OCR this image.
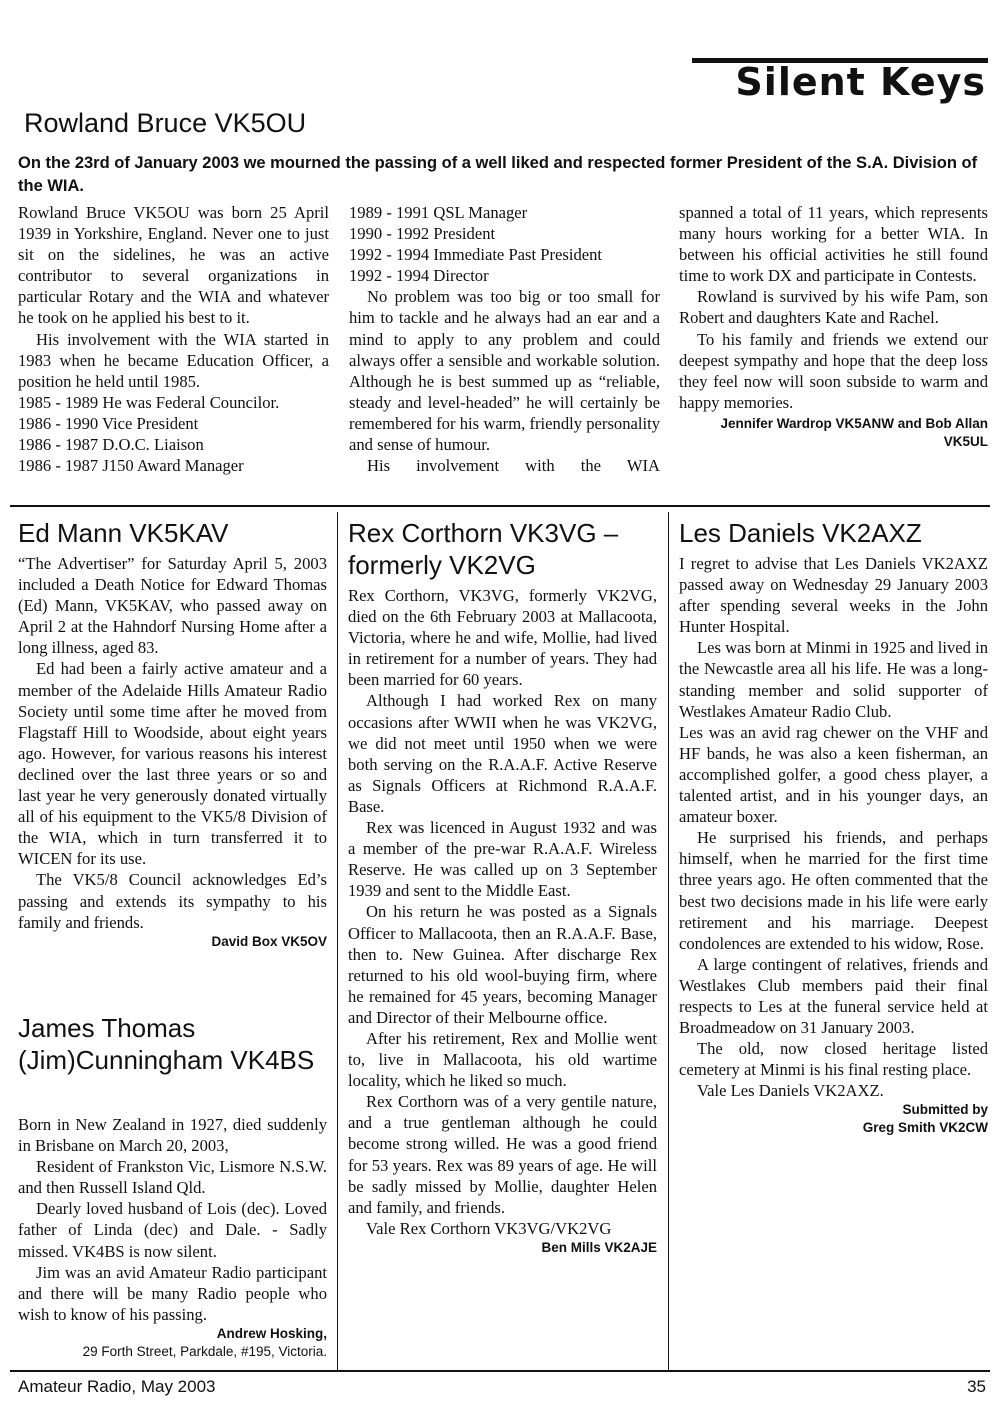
Silent Keys
Rowland Bruce VK5OU
On the 23rd of January 2003 we mourned the passing of a well liked and respected former President of the S.A. Division of the WIA.

Rowland Bruce VK5OU was born 25 April 1939 in Yorkshire, England. Never one to just sit on the sidelines, he was an active contributor to several organizations in particular Rotary and the WIA and whatever he took on he applied his best to it.

His involvement with the WIA started in 1983 when he became Education Officer, a position he held until 1985.

1985 - 1989 He was Federal Councilor.

1986 - 1990 Vice President

1986 - 1987 D.O.C. Liaison

1986 - 1987 J150 Award Manager

1989 - 1991 QSL Manager

1990 - 1992 President

1992 - 1994 Immediate Past President

1992 - 1994 Director

No problem was too big or too small for him to tackle and he always had an ear and a mind to apply to any problem and could always offer a sensible and workable solution. Although he is best summed up as “reliable, steady and level-headed” he will certainly be remembered for his warm, friendly personality and sense of humour.

His involvement with the WIA

spanned a total of 11 years, which represents many hours working for a better WIA. In between his official activities he still found time to work DX and participate in Contests.

Rowland is survived by his wife Pam, son Robert and daughters Kate and Rachel.

To his family and friends we extend our deepest sympathy and hope that the deep loss they feel now will soon subside to warm and happy memories.

Jennifer Wardrop VK5ANW and Bob Allan VK5UL
Ed Mann VK5KAV

“The Advertiser” for Saturday April 5, 2003 included a Death Notice for Edward Thomas (Ed) Mann, VK5KAV, who passed away on April 2 at the Hahndorf Nursing Home after a long illness, aged 83.

Ed had been a fairly active amateur and a member of the Adelaide Hills Amateur Radio Society until some time after he moved from Flagstaff Hill to Woodside, about eight years ago. However, for various reasons his interest declined over the last three years or so and last year he very generously donated virtually all of his equipment to the VK5/8 Division of the WIA, which in turn transferred it to WICEN for its use.

The VK5/8 Council acknowledges Ed’s passing and extends its sympathy to his family and friends.

David Box VK5OV
James Thomas (Jim)Cunningham VK4BS

Born in New Zealand in 1927, died suddenly in Brisbane on March 20, 2003,

Resident of Frankston Vic, Lismore N.S.W. and then Russell Island Qld.

Dearly loved husband of Lois (dec). Loved father of Linda (dec) and Dale. - Sadly missed. VK4BS is now silent.

Jim was an avid Amateur Radio participant and there will be many Radio people who wish to know of his passing.

Andrew Hosking,
29 Forth Street, Parkdale, #195, Victoria.
Rex Corthorn VK3VG – formerly VK2VG

Rex Corthorn, VK3VG, formerly VK2VG, died on the 6th February 2003 at Mallacoota, Victoria, where he and wife, Mollie, had lived in retirement for a number of years. They had been married for 60 years.

Although I had worked Rex on many occasions after WWII when he was VK2VG, we did not meet until 1950 when we were both serving on the R.A.A.F. Active Reserve as Signals Officers at Richmond R.A.A.F. Base.

Rex was licenced in August 1932 and was a member of the pre-war R.A.A.F. Wireless Reserve. He was called up on 3 September 1939 and sent to the Middle East.

On his return he was posted as a Signals Officer to Mallacoota, then an R.A.A.F. Base, then to. New Guinea. After discharge Rex returned to his old wool-buying firm, where he remained for 45 years, becoming Manager and Director of their Melbourne office.

After his retirement, Rex and Mollie went to, live in Mallacoota, his old wartime locality, which he liked so much.

Rex Corthorn was of a very gentile nature, and a true gentleman although he could become strong willed. He was a good friend for 53 years. Rex was 89 years of age. He will be sadly missed by Mollie, daughter Helen and family, and friends.

Vale Rex Corthorn VK3VG/VK2VG

Ben Mills VK2AJE
Les Daniels VK2AXZ

I regret to advise that Les Daniels VK2AXZ passed away on Wednesday 29 January 2003 after spending several weeks in the John Hunter Hospital.

Les was born at Minmi in 1925 and lived in the Newcastle area all his life. He was a long-standing member and solid supporter of Westlakes Amateur Radio Club.

Les was an avid rag chewer on the VHF and HF bands, he was also a keen fisherman, an accomplished golfer, a good chess player, a talented artist, and in his younger days, an amateur boxer.

He surprised his friends, and perhaps himself, when he married for the first time three years ago. He often commented that the best two decisions made in his life were early retirement and his marriage. Deepest condolences are extended to his widow, Rose.

A large contingent of relatives, friends and Westlakes Club members paid their final respects to Les at the funeral service held at Broadmeadow on 31 January 2003.

The old, now closed heritage listed cemetery at Minmi is his final resting place.

Vale Les Daniels VK2AXZ.

Submitted by
Greg Smith VK2CW
Amateur Radio, May 2003	35
